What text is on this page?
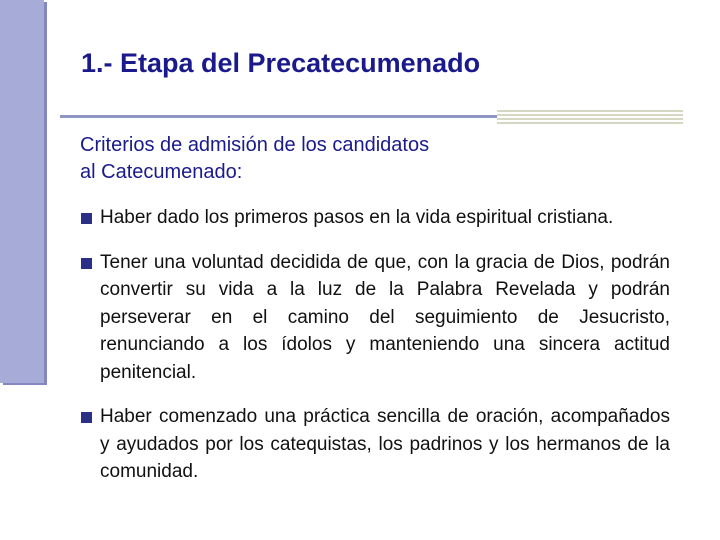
1.- Etapa del Precatecumenado

Criterios de admisión de los candidatos
al Catecumenado:

Haber dado los primeros pasos en la vida espiritual cristiana.
Tener una voluntad decidida de que, con la gracia de Dios, podrán convertir su vida a la luz de la Palabra Revelada y podrán perseverar en el camino del seguimiento de Jesucristo, renunciando a los ídolos y manteniendo una sincera actitud penitencial.
Haber comenzado una práctica sencilla de oración, acompañados y ayudados por los catequistas, los padrinos y los hermanos de la comunidad.
